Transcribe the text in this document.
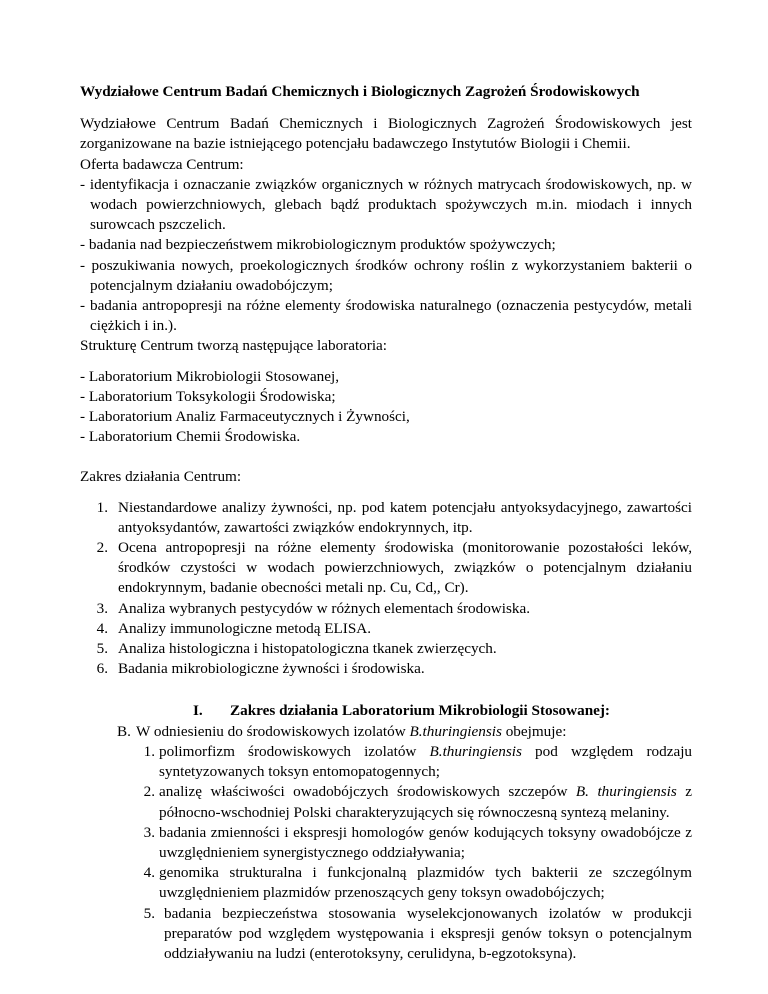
Wydziałowe Centrum Badań Chemicznych i Biologicznych Zagrożeń Środowiskowych

Wydziałowe Centrum Badań Chemicznych i Biologicznych Zagrożeń Środowiskowych jest zorganizowane na bazie istniejącego potencjału badawczego Instytutów Biologii i Chemii.

Oferta badawcza Centrum:

- identyfikacja i oznaczanie związków organicznych w różnych matrycach środowiskowych, np. w wodach powierzchniowych, glebach bądź produktach spożywczych m.in. miodach i innych surowcach pszczelich.

- badania nad bezpieczeństwem mikrobiologicznym produktów spożywczych;

- poszukiwania nowych, proekologicznych środków ochrony roślin z wykorzystaniem bakterii o potencjalnym działaniu owadobójczym;

- badania antropopresji na różne elementy środowiska naturalnego (oznaczenia pestycydów, metali ciężkich i in.).

Strukturę Centrum tworzą następujące laboratoria:

- Laboratorium Mikrobiologii Stosowanej,

- Laboratorium Toksykologii Środowiska;

- Laboratorium Analiz Farmaceutycznych i Żywności,

- Laboratorium Chemii Środowiska.

Zakres działania Centrum:

1. Niestandardowe analizy żywności, np. pod katem potencjału antyoksydacyjnego, zawartości antyoksydantów, zawartości związków endokrynnych, itp.

2. Ocena antropopresji na różne elementy środowiska (monitorowanie pozostałości leków, środków czystości w wodach powierzchniowych, związków o potencjalnym działaniu endokrynnym, badanie obecności metali np. Cu, Cd,, Cr).

3. Analiza wybranych pestycydów w różnych elementach środowiska.

4. Analizy immunologiczne metodą ELISA.

5. Analiza histologiczna i histopatologiczna tkanek zwierzęcych.

6. Badania mikrobiologiczne żywności i środowiska.

I. Zakres działania Laboratorium Mikrobiologii Stosowanej:

B. W odniesieniu do środowiskowych izolatów B.thuringiensis obejmuje:

1. polimorfizm środowiskowych izolatów B.thuringiensis pod względem rodzaju syntetyzowanych toksyn entomopatogennych;

2. analizę właściwości owadobójczych środowiskowych szczepów B. thuringiensis z północno-wschodniej Polski charakteryzujących się równoczesną syntezą melaniny.

3. badania zmienności i ekspresji homologów genów kodujących toksyny owadobójcze z uwzględnieniem synergistycznego oddziaływania;

4. genomika strukturalna i funkcjonalną plazmidów tych bakterii ze szczególnym uwzględnieniem plazmidów przenoszących geny toksyn owadobójczych;

5. badania bezpieczeństwa stosowania wyselekcjonowanych izolatów w produkcji preparatów pod względem występowania i ekspresji genów toksyn o potencjalnym oddziaływaniu na ludzi (enterotoksyny, cerulidyna, b-egzotoksyna).
